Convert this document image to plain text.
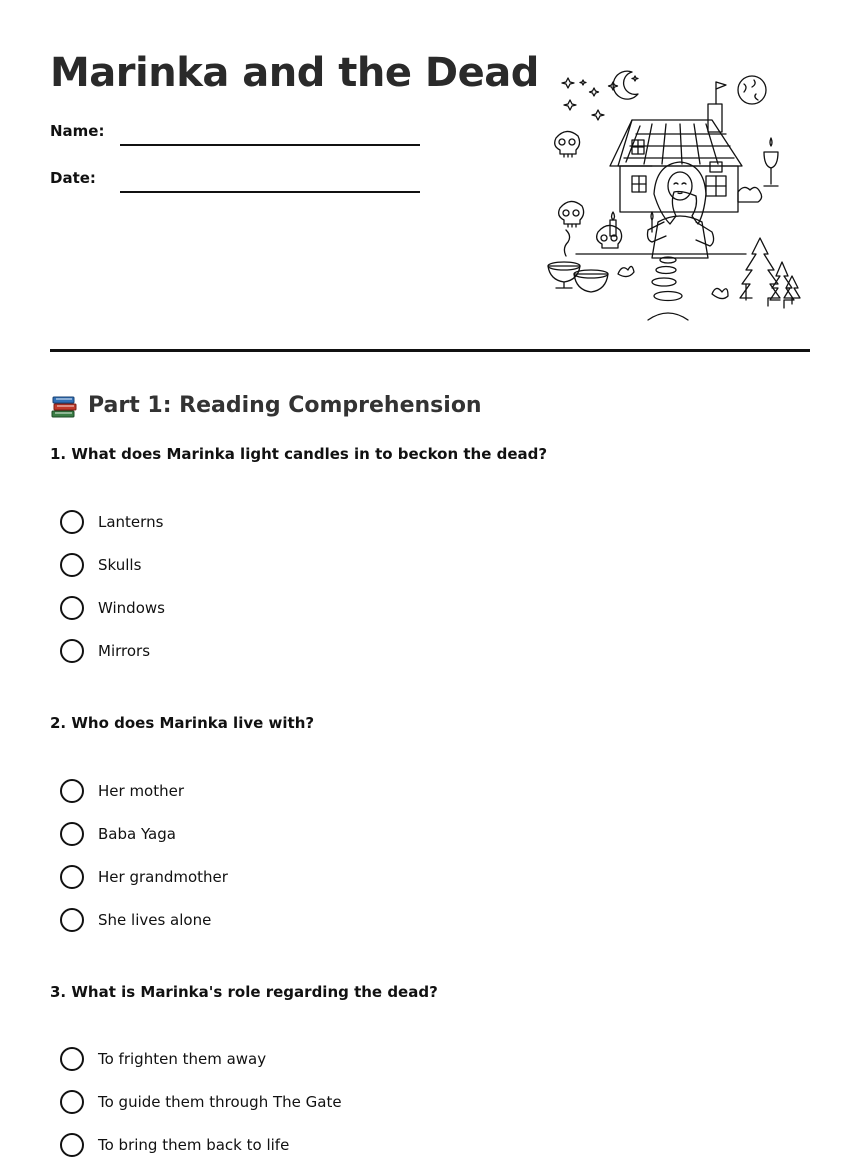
Marinka and the Dead
Name:
Date:
Part 1: Reading Comprehension
1. What does Marinka light candles in to beckon the dead?
Lanterns
Skulls
Windows
Mirrors
2. Who does Marinka live with?
Her mother
Baba Yaga
Her grandmother
She lives alone
3. What is Marinka's role regarding the dead?
To frighten them away
To guide them through The Gate
To bring them back to life
